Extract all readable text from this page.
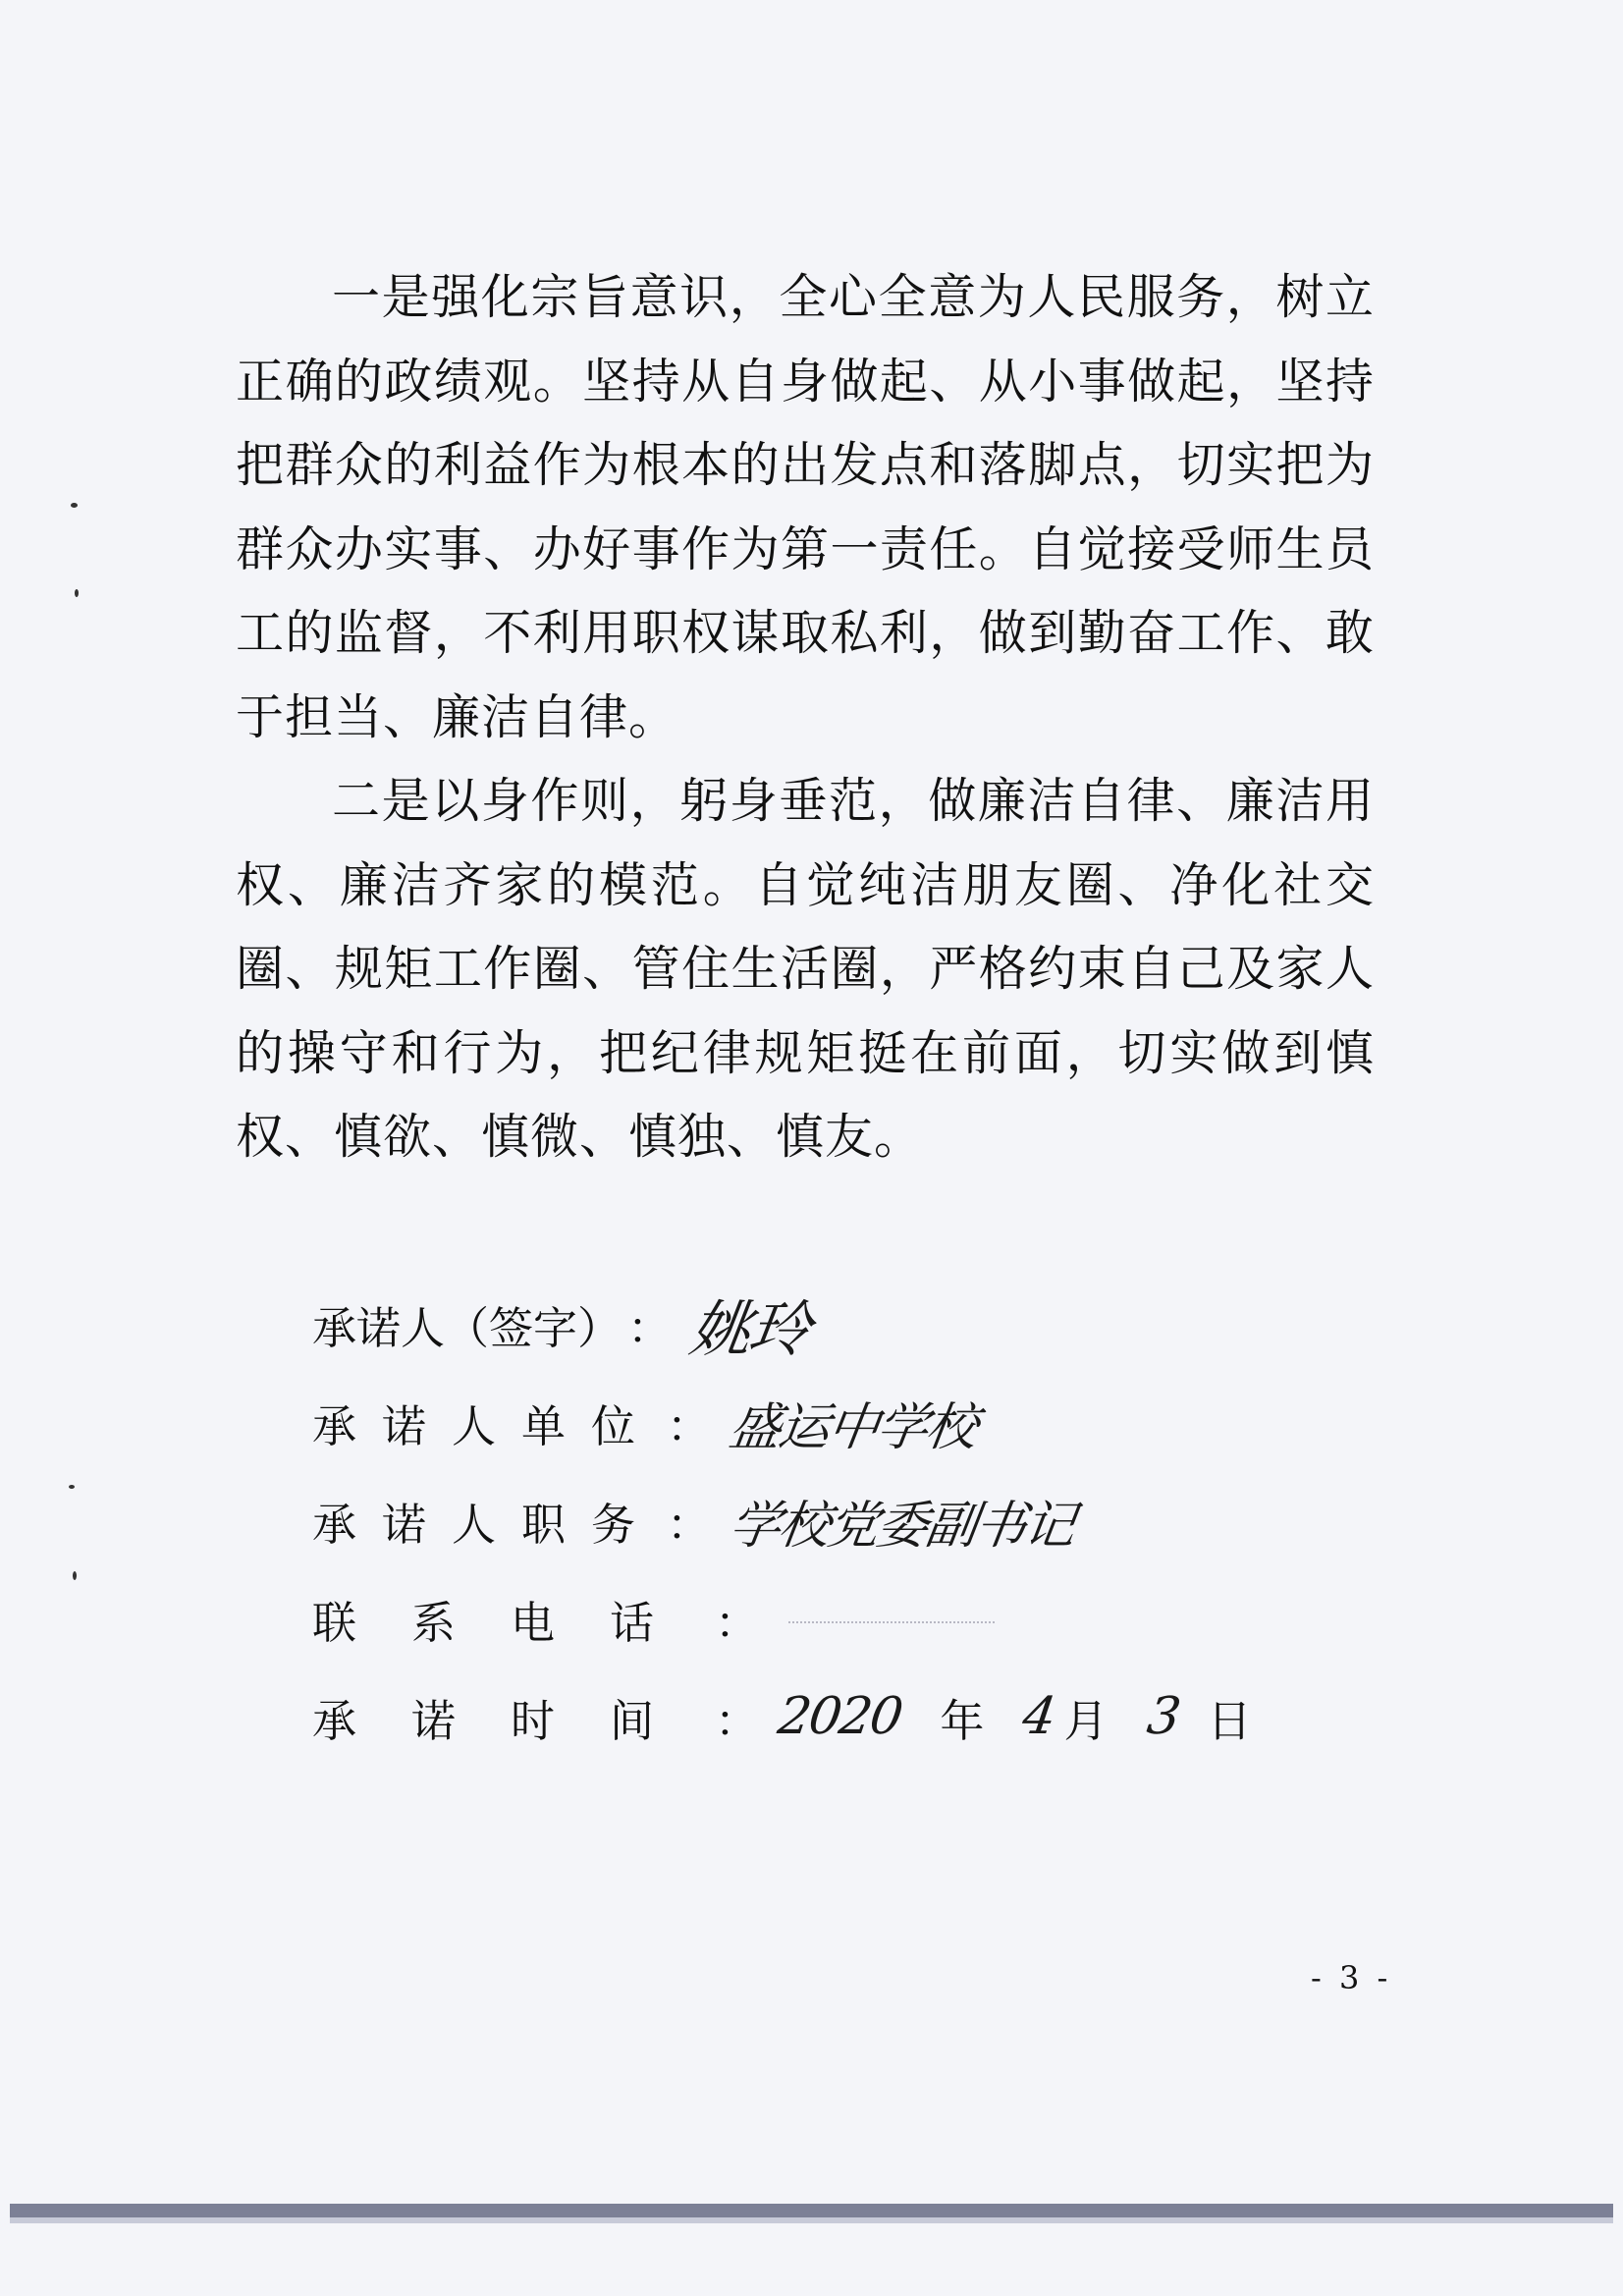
一是强化宗旨意识，全心全意为人民服务，树立正确的政绩观。坚持从自身做起、从小事做起，坚持把群众的利益作为根本的出发点和落脚点，切实把为群众办实事、办好事作为第一责任。自觉接受师生员工的监督，不利用职权谋取私利，做到勤奋工作、敢于担当、廉洁自律。

二是以身作则，躬身垂范，做廉洁自律、廉洁用权、廉洁齐家的模范。自觉纯洁朋友圈、净化社交圈、规矩工作圈、管住生活圈，严格约束自己及家人的操守和行为，把纪律规矩挺在前面，切实做到慎权、慎欲、慎微、慎独、慎友。

承诺人（签字） ： 姚玲
承诺人单位 ： 盛运中学校
承诺人职务 ： 学校党委副书记
联系电话 ：
承诺时间 ： 2020 年 4 月 3 日
- 3 -
